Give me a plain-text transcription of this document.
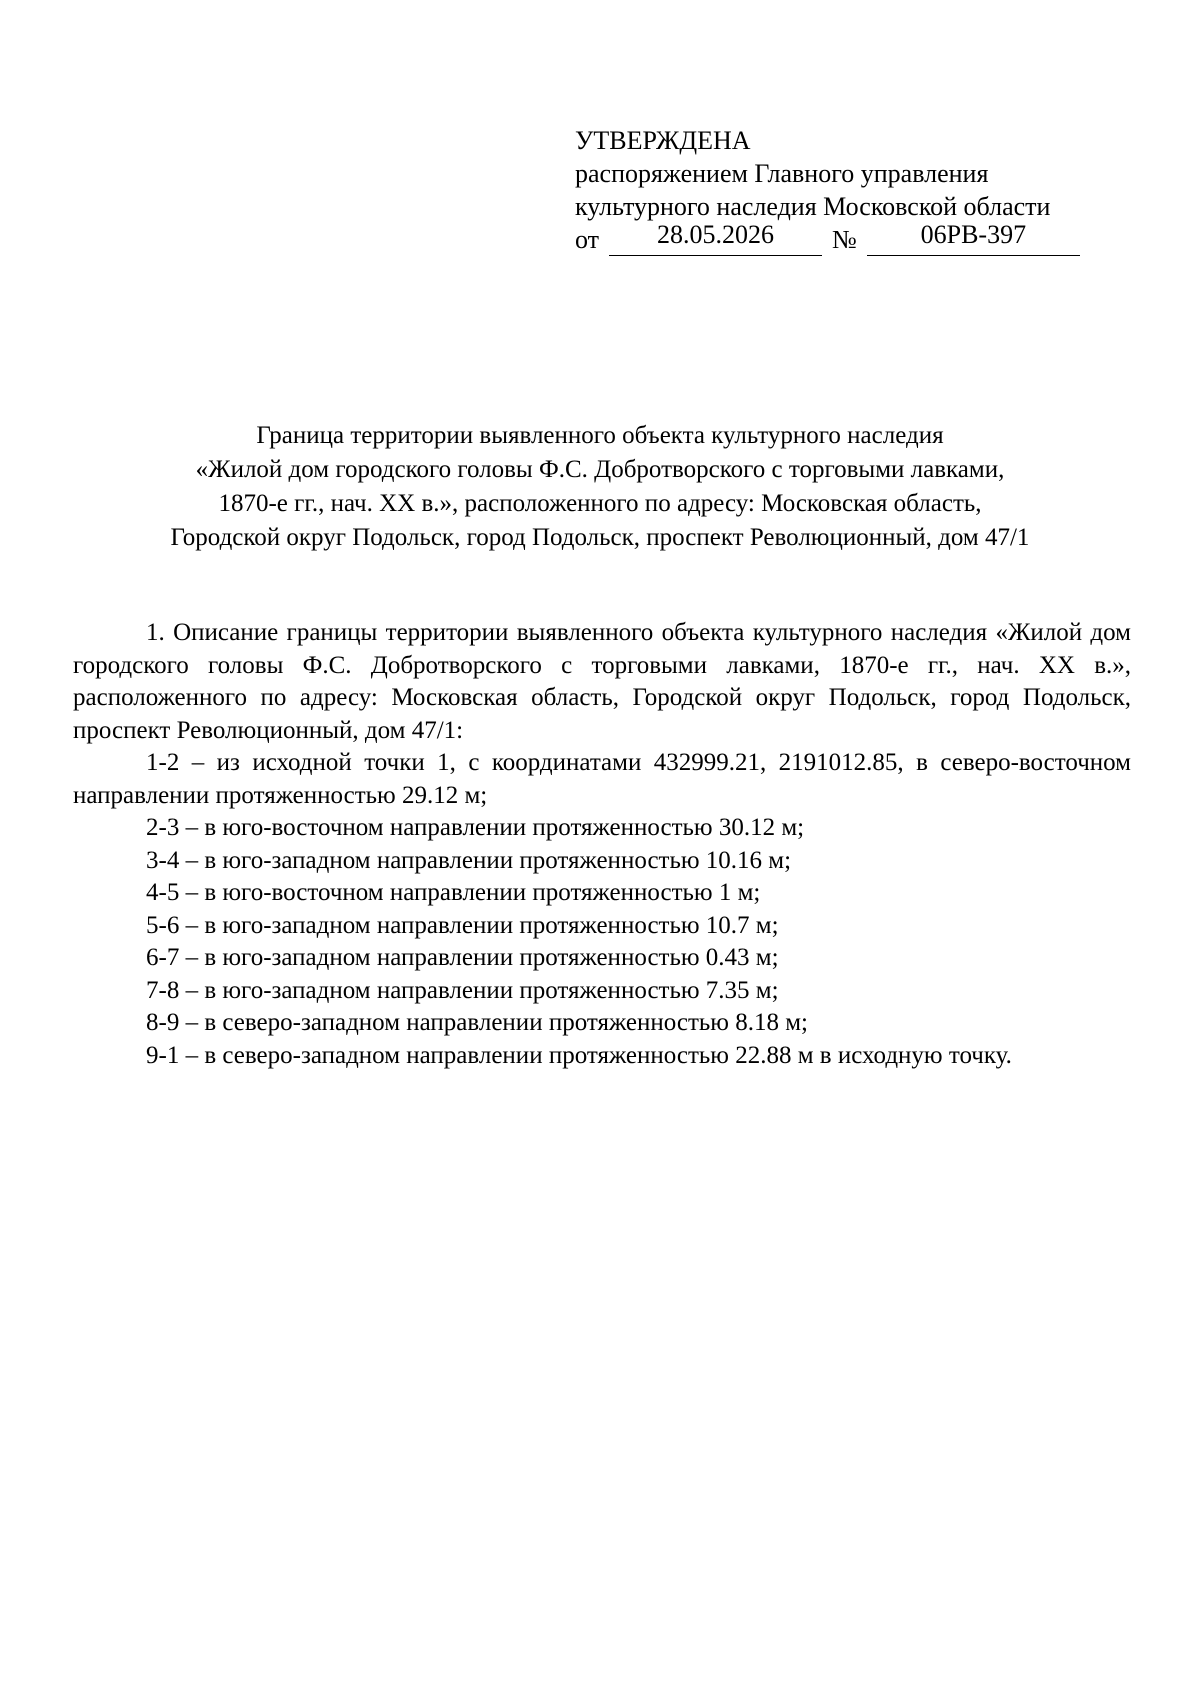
УТВЕРЖДЕНА
распоряжением Главного управления
культурного наследия Московской области
от	28.05.2026	№	06РВ-397
Граница территории выявленного объекта культурного наследия
«Жилой дом городского головы Ф.С. Добротворского с торговыми лавками,
1870-е гг., нач. XX в.», расположенного по адресу: Московская область,
Городской округ Подольск, город Подольск, проспект Революционный, дом 47/1

1. Описание границы территории выявленного объекта культурного наследия «Жилой дом городского головы Ф.С. Добротворского с торговыми лавками, 1870-е гг., нач. XX в.», расположенного по адресу: Московская область, Городской округ Подольск, город Подольск, проспект Революционный, дом 47/1:

1-2 – из исходной точки 1, с координатами 432999.21, 2191012.85, в северо-восточном направлении протяженностью 29.12 м;

2-3 – в юго-восточном направлении протяженностью 30.12 м;
3-4 – в юго-западном направлении протяженностью 10.16 м;
4-5 – в юго-восточном направлении протяженностью 1 м;
5-6 – в юго-западном направлении протяженностью 10.7 м;
6-7 – в юго-западном направлении протяженностью 0.43 м;
7-8 – в юго-западном направлении протяженностью 7.35 м;
8-9 – в северо-западном направлении протяженностью 8.18 м;
9-1 – в северо-западном направлении протяженностью 22.88 м в исходную точку.
